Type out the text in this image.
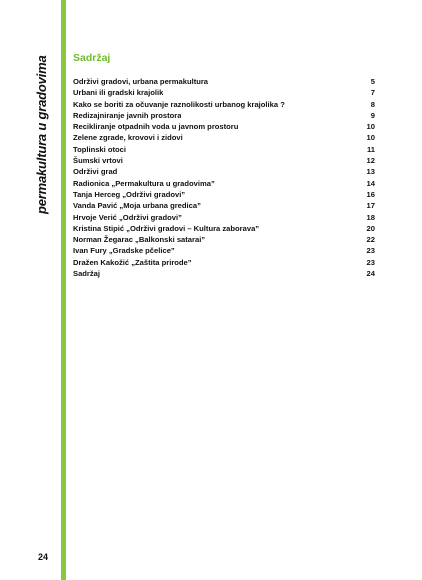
permakultura u gradovima
24
Sadržaj
Održivi gradovi, urbana permakultura	5
Urbani ili gradski krajolik	7
Kako se boriti za očuvanje raznolikosti urbanog krajolika ?	8
Redizajniranje javnih prostora	9
Recikliranje otpadnih voda u javnom prostoru	10
Zelene zgrade, krovovi i zidovi	10
Toplinski otoci	11
Šumski vrtovi	12
Održivi grad	13
Radionica „Permakultura u gradovima”	14
Tanja Herceg „Održivi gradovi”	16
Vanda Pavić „Moja urbana gredica”	17
Hrvoje Verić „Održivi gradovi”	18
Kristina Stipić „Održivi gradovi – Kultura zaborava”	20
Norman Žegarac „Balkonski satarai”	22
Ivan Fury „Gradske pčelice”	23
Dražen Kakožić „Zaštita prirode”	23
Sadržaj	24
